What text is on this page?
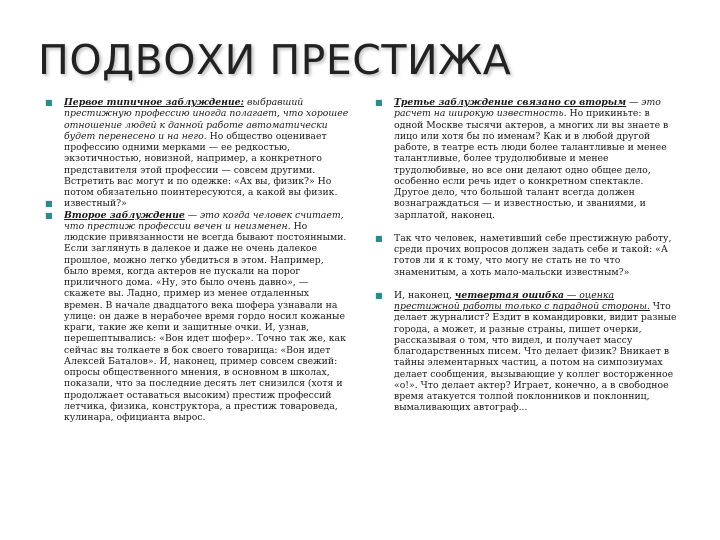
ПОДВОХИ ПРЕСТИЖА

■ Первое типичное заблуждение: выбравший престижную профессию иногда полагает, что хорошее отношение людей к данной работе автоматически будет перенесено и на него. Но общество оценивает профессию одними мерками — ее редкостью, экзотичностью, новизной, например, а конкретного представителя этой профессии — совсем другими. Встретить вас могут и по одежке: «Ах вы, физик?» Но потом обязательно поинтересуются, а какой вы физик.

■ известный?»

■ Второе заблуждение — это когда человек считает, что престиж профессии вечен и неизменен. Но людские привязанности не всегда бывают постоянными. Если заглянуть в далекое и даже не очень далекое прошлое, можно легко убедиться в этом. Например, было время, когда актеров не пускали на порог приличного дома. «Ну, это было очень давно», — скажете вы. Ладно, пример из менее отдаленных времен. В начале двадцатого века шофера узнавали на улице: он даже в нерабочее время гордо носил кожаные краги, такие же кепи и защитные очки. И, узнав, перешептывались: «Вон идет шофер». Точно так же, как сейчас вы толкаете в бок своего товарища: «Вон идет Алексей Баталов». И, наконец, пример совсем свежий: опросы общественного мнения, в основном в школах, показали, что за последние десять лет снизился (хотя и продолжает оставаться высоким) престиж профессий летчика, физика, конструктора, а престиж товароведа, кулинара, официанта вырос.

■ Третье заблуждение связано со вторым — это расчет на широкую известность. Но прикиньте: в одной Москве тысячи актеров, а многих ли вы знаете в лицо или хотя бы по именам? Как и в любой другой работе, в театре есть люди более талантливые и менее талантливые, более трудолюбивые и менее трудолюбивые, но все они делают одно общее дело, особенно если речь идет о конкретном спектакле. Другое дело, что большой талант всегда должен вознаграждаться — и известностью, и званиями, и зарплатой, наконец.

■ Так что человек, наметивший себе престижную работу, среди прочих вопросов должен задать себе и такой: «А готов ли я к тому, что могу не стать не то что знаменитым, а хоть мало-мальски известным?»

■ И, наконец, четвертая ошибка — оценка престижной работы только с парадной стороны. Что делает журналист? Ездит в командировки, видит разные города, а может, и разные страны, пишет очерки, рассказывая о том, что видел, и получает массу благодарственных писем. Что делает физик? Вникает в тайны элементарных частиц, а потом на симпозиумах делает сообщения, вызывающие у коллег восторженное «о!». Что делает актер? Играет, конечно, а в свободное время атакуется толпой поклонников и поклонниц, вымаливающих автограф...
